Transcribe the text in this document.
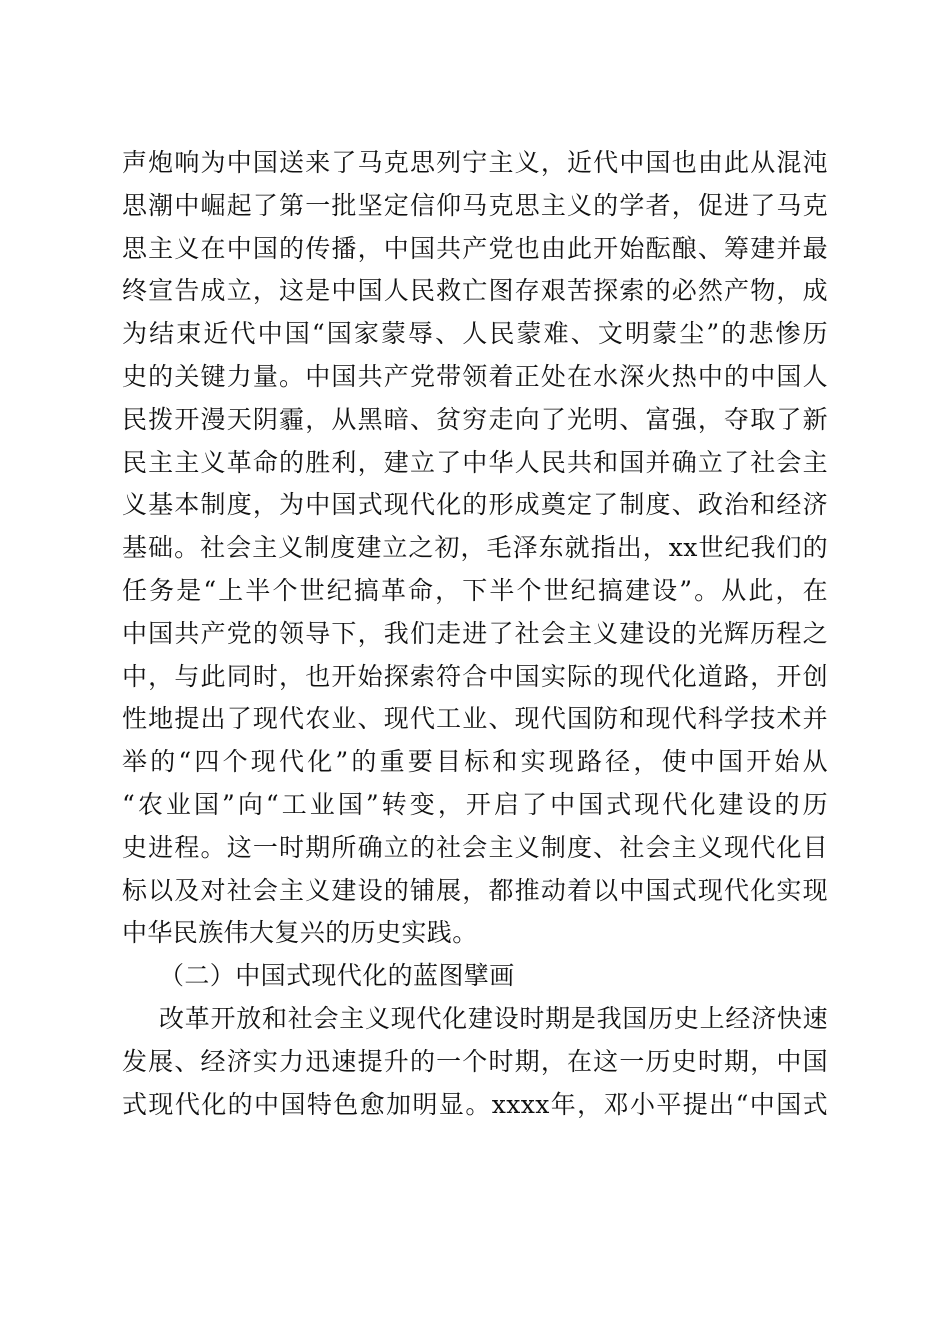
声炮响为中国送来了马克思列宁主义，近代中国也由此从混沌
思潮中崛起了第一批坚定信仰马克思主义的学者，促进了马克
思主义在中国的传播，中国共产党也由此开始酝酿、筹建并最
终宣告成立，这是中国人民救亡图存艰苦探索的必然产物，成
为结束近代中国“国家蒙辱、人民蒙难、文明蒙尘”的悲惨历
史的关键力量。中国共产党带领着正处在水深火热中的中国人
民拨开漫天阴霾，从黑暗、贫穷走向了光明、富强，夺取了新
民主主义革命的胜利，建立了中华人民共和国并确立了社会主
义基本制度，为中国式现代化的形成奠定了制度、政治和经济
基础。社会主义制度建立之初，毛泽东就指出，xx世纪我们的
任务是“上半个世纪搞革命，下半个世纪搞建设”。从此，在
中国共产党的领导下，我们走进了社会主义建设的光辉历程之
中，与此同时，也开始探索符合中国实际的现代化道路，开创
性地提出了现代农业、现代工业、现代国防和现代科学技术并
举的“四个现代化”的重要目标和实现路径，使中国开始从
“农业国”向“工业国”转变，开启了中国式现代化建设的历
史进程。这一时期所确立的社会主义制度、社会主义现代化目
标以及对社会主义建设的铺展，都推动着以中国式现代化实现
中华民族伟大复兴的历史实践。
（二）中国式现代化的蓝图擘画
改革开放和社会主义现代化建设时期是我国历史上经济快速
发展、经济实力迅速提升的一个时期，在这一历史时期，中国
式现代化的中国特色愈加明显。xxxx年，邓小平提出“中国式
